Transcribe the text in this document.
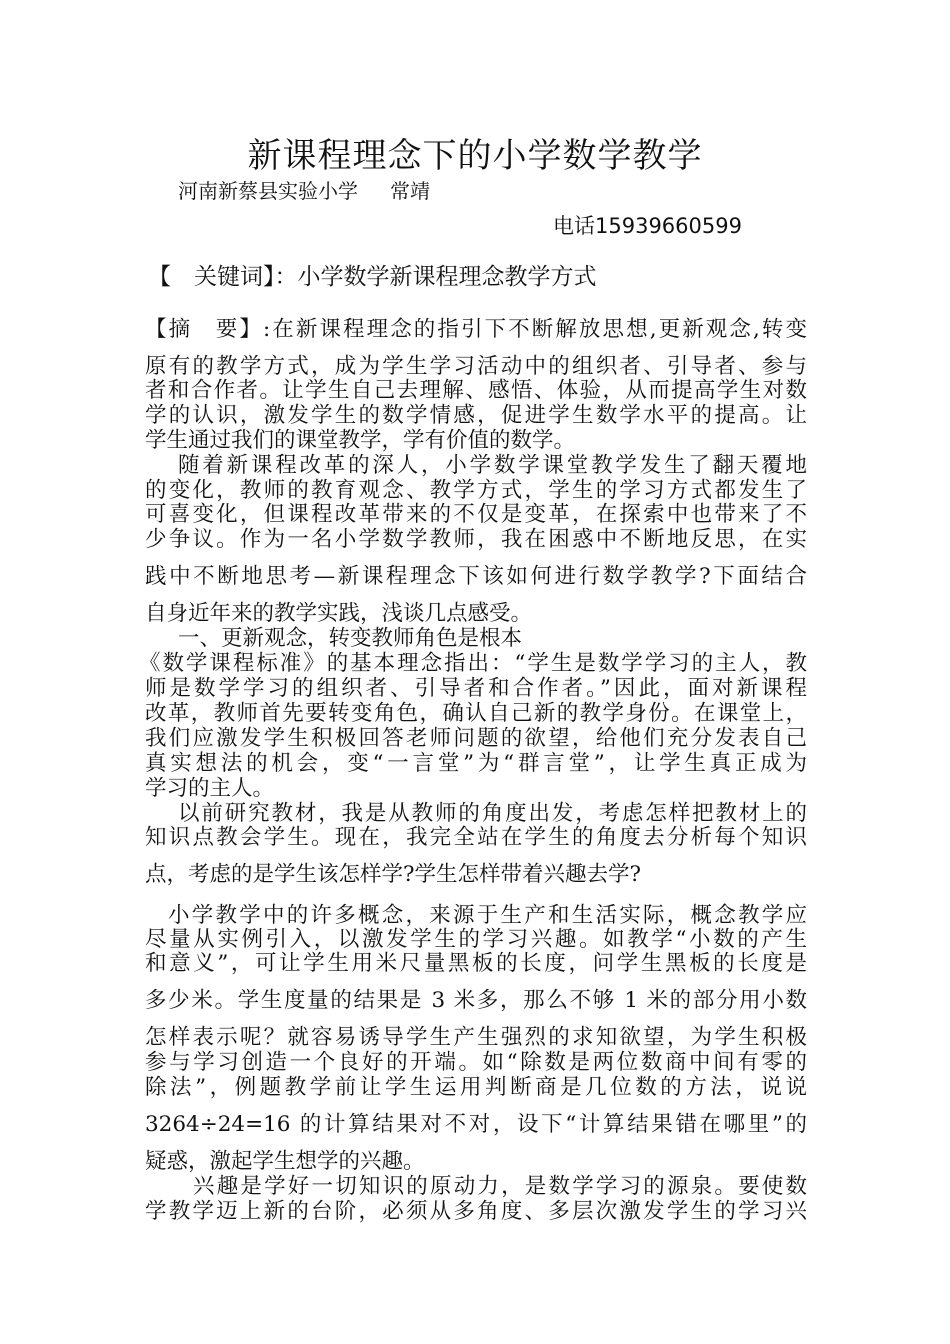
新课程理念下的小学数学教学
河南新蔡县实验小学 常靖
电话15939660599
【　关键词】：小学数学新课程理念教学方式
【摘　要】:在新课程理念的指引下不断解放思想,更新观念,转变
原有的教学方式，成为学生学习活动中的组织者、引导者、参与
者和合作者。让学生自己去理解、感悟、体验，从而提高学生对数
学的认识，激发学生的数学情感，促进学生数学水平的提高。让
学生通过我们的课堂教学，学有价值的数学。
随着新课程改革的深人，小学数学课堂教学发生了翻天覆地
的变化，教师的教育观念、教学方式，学生的学习方式都发生了
可喜变化，但课程改革带来的不仅是变革，在探索中也带来了不
少争议。作为一名小学数学教师，我在困惑中不断地反思，在实
践中不断地思考—新课程理念下该如何进行数学教学?下面结合
自身近年来的教学实践，浅谈几点感受。
一、更新观念，转变教师角色是根本
《数学课程标准》的基本理念指出：“学生是数学学习的主人，教
师是数学学习的组织者、引导者和合作者。”因此，面对新课程
改革，教师首先要转变角色，确认自己新的教学身份。在课堂上，
我们应激发学生积极回答老师问题的欲望，给他们充分发表自己
真实想法的机会，变“一言堂”为“群言堂”，让学生真正成为
学习的主人。
以前研究教材，我是从教师的角度出发，考虑怎样把教材上的
知识点教会学生。现在，我完全站在学生的角度去分析每个知识
点，考虑的是学生该怎样学?学生怎样带着兴趣去学?
小学教学中的许多概念，来源于生产和生活实际，概念教学应
尽量从实例引入，以激发学生的学习兴趣。如教学“小数的产生
和意义”，可让学生用米尺量黑板的长度，问学生黑板的长度是
多少米。学生度量的结果是 3 米多，那么不够 1 米的部分用小数
怎样表示呢？就容易诱导学生产生强烈的求知欲望，为学生积极
参与学习创造一个良好的开端。如“除数是两位数商中间有零的
除法”，例题教学前让学生运用判断商是几位数的方法，说说
3264÷24=16 的计算结果对不对，设下“计算结果错在哪里”的
疑惑，激起学生想学的兴趣。
兴趣是学好一切知识的原动力，是数学学习的源泉。要使数
学教学迈上新的台阶，必须从多角度、多层次激发学生的学习兴
